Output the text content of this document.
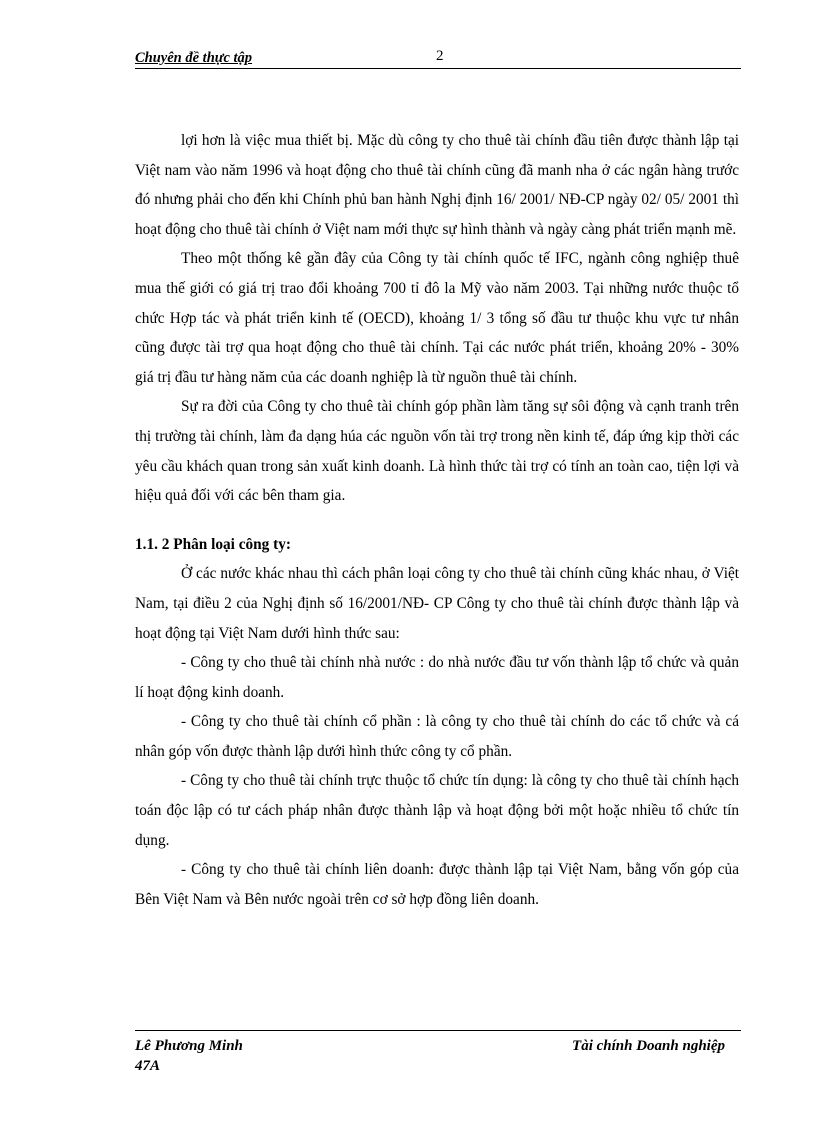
Chuyên đề thực tập	2

lợi hơn là việc mua thiết bị. Mặc dù công ty cho thuê tài chính đầu tiên được thành lập tại Việt nam vào năm 1996 và hoạt động cho thuê tài chính cũng đã manh nha ở các ngân hàng trước đó nhưng phải cho đến khi Chính phủ ban hành Nghị định 16/ 2001/ NĐ-CP ngày 02/ 05/ 2001 thì hoạt động cho thuê tài chính ở Việt nam mới thực sự hình thành và ngày càng phát triển mạnh mẽ.

Theo một thống kê gần đây của Công ty tài chính quốc tế IFC, ngành công nghiệp thuê mua thế giới có giá trị trao đổi khoảng 700 tỉ đô la Mỹ vào năm 2003. Tại những nước thuộc tổ chức Hợp tác và phát triển kinh tế (OECD), khoảng 1/ 3 tổng số đầu tư thuộc khu vực tư nhân cũng được tài trợ qua hoạt động cho thuê tài chính. Tại các nước phát triển, khoảng 20% - 30% giá trị đầu tư hàng năm của các doanh nghiệp là từ nguồn thuê tài chính.

Sự ra đời của Công ty cho thuê tài chính góp phần làm tăng sự sôi động và cạnh tranh trên thị trường tài chính, làm đa dạng húa các nguồn vốn tài trợ trong nền kinh tế, đáp ứng kịp thời các yêu cầu khách quan trong sản xuất kinh doanh. Là hình thức tài trợ có tính an toàn cao, tiện lợi và hiệu quả đối với các bên tham gia.

1.1. 2 Phân loại công ty:

Ở các nước khác nhau thì cách phân loại công ty cho thuê tài chính cũng khác nhau, ở Việt Nam, tại điều 2 của Nghị định số 16/2001/NĐ- CP Công ty cho thuê tài chính được thành lập và hoạt động tại Việt Nam dưới hình thức sau:

- Công ty cho thuê tài chính nhà nước : do nhà nước đầu tư vốn thành lập tổ chức và quản lí hoạt động kinh doanh.

- Công ty cho thuê tài chính cổ phần : là công ty cho thuê tài chính do các tổ chức và cá nhân góp vốn được thành lập dưới hình thức công ty cổ phần.

- Công ty cho thuê tài chính trực thuộc tổ chức tín dụng: là công ty cho thuê tài chính hạch toán độc lập có tư cách pháp nhân được thành lập và hoạt động bởi một hoặc nhiều tổ chức tín dụng.

- Công ty cho thuê tài chính liên doanh: được thành lập tại Việt Nam, bằng vốn góp của Bên Việt Nam và Bên nước ngoài trên cơ sở hợp đồng liên doanh.

Lê Phương Minh
47A
Tài chính Doanh nghiệp
